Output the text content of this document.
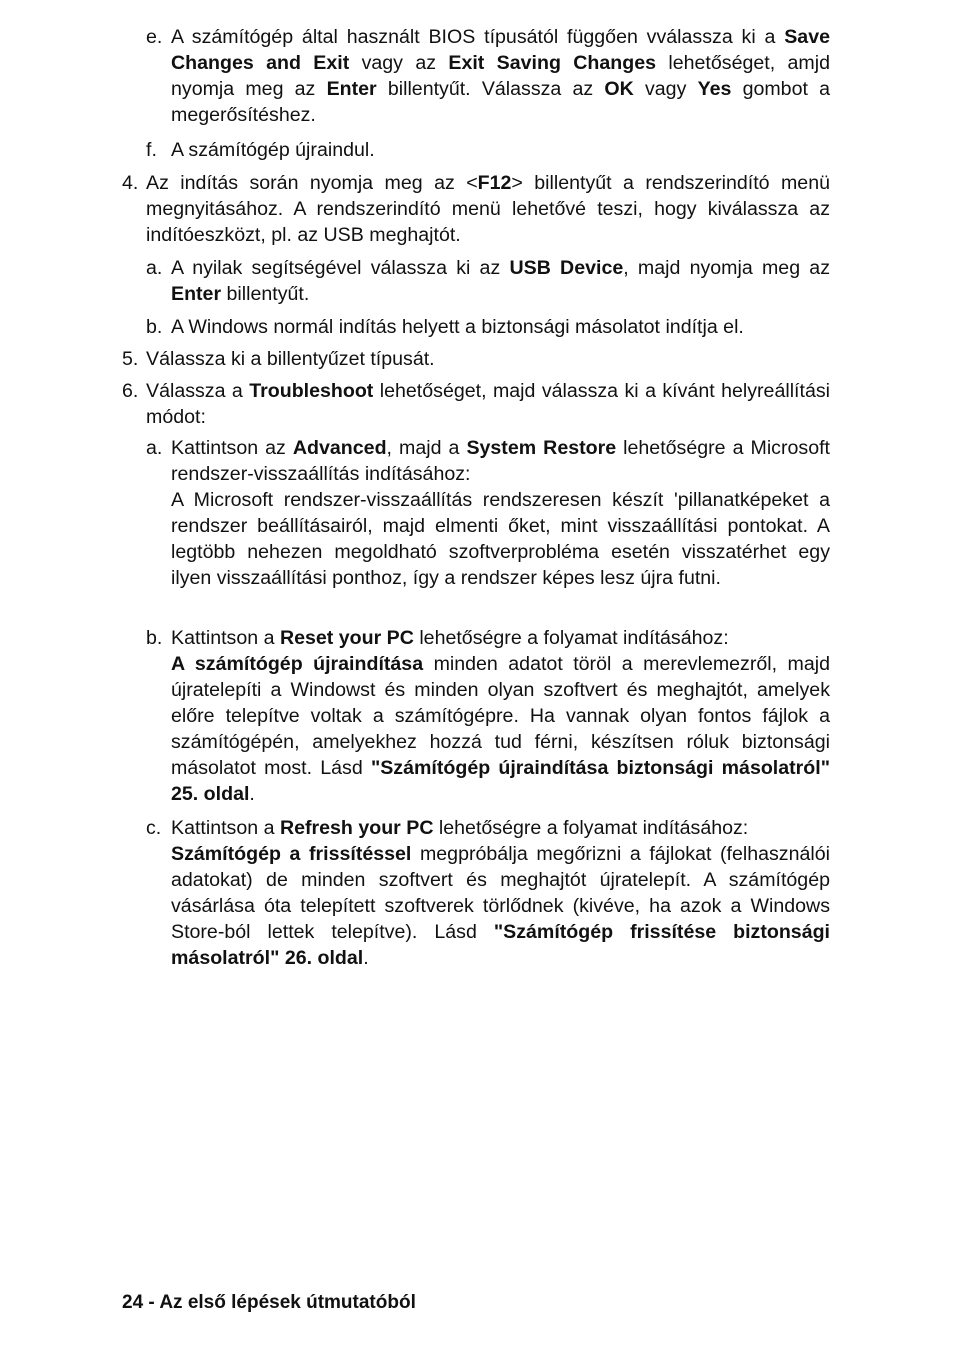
e. A számítógép által használt BIOS típusától függően vválassza ki a Save Changes and Exit vagy az Exit Saving Changes lehetőséget, amjd nyomja meg az Enter billentyűt. Válassza az OK vagy Yes gombot a megerősítéshez.
f. A számítógép újraindul.
4. Az indítás során nyomja meg az <F12> billentyűt a rendszerindító menü megnyitásához. A rendszerindító menü lehetővé teszi, hogy kiválassza az indítóeszközt, pl. az USB meghajtót.
a. A nyilak segítségével válassza ki az USB Device, majd nyomja meg az Enter billentyűt.
b. A Windows normál indítás helyett a biztonsági másolatot indítja el.
5. Válassza ki a billentyűzet típusát.
6. Válassza a Troubleshoot lehetőséget, majd válassza ki a kívánt helyreállítási módot:
a. Kattintson az Advanced, majd a System Restore lehetőségre a Microsoft rendszer-visszaállítás indításához:
A Microsoft rendszer-visszaállítás rendszeresen készít 'pillanatképeket a rendszer beállításairól, majd elmenti őket, mint visszaállítási pontokat. A legtöbb nehezen megoldható szoftverprobléma esetén visszatérhet egy ilyen visszaállítási ponthoz, így a rendszer képes lesz újra futni.
b. Kattintson a Reset your PC lehetőségre a folyamat indításához:
A számítógép újraindítása minden adatot töröl a merevlemezről, majd újratelepíti a Windowst és minden olyan szoftvert és meghajtót, amelyek előre telepítve voltak a számítógépre. Ha vannak olyan fontos fájlok a számítógépén, amelyekhez hozzá tud férni, készítsen róluk biztonsági másolatot most. Lásd "Számítógép újraindítása biztonsági másolatról" 25. oldal.
c. Kattintson a Refresh your PC lehetőségre a folyamat indításához:
Számítógép a frissítéssel megpróbálja megőrizni a fájlokat (felhasználói adatokat) de minden szoftvert és meghajtót újratelepít. A számítógép vásárlása óta telepített szoftverek törlődnek (kivéve, ha azok a Windows Store-ból lettek telepítve). Lásd "Számítógép frissítése biztonsági másolatról" 26. oldal.
24 - Az első lépések útmutatóból
